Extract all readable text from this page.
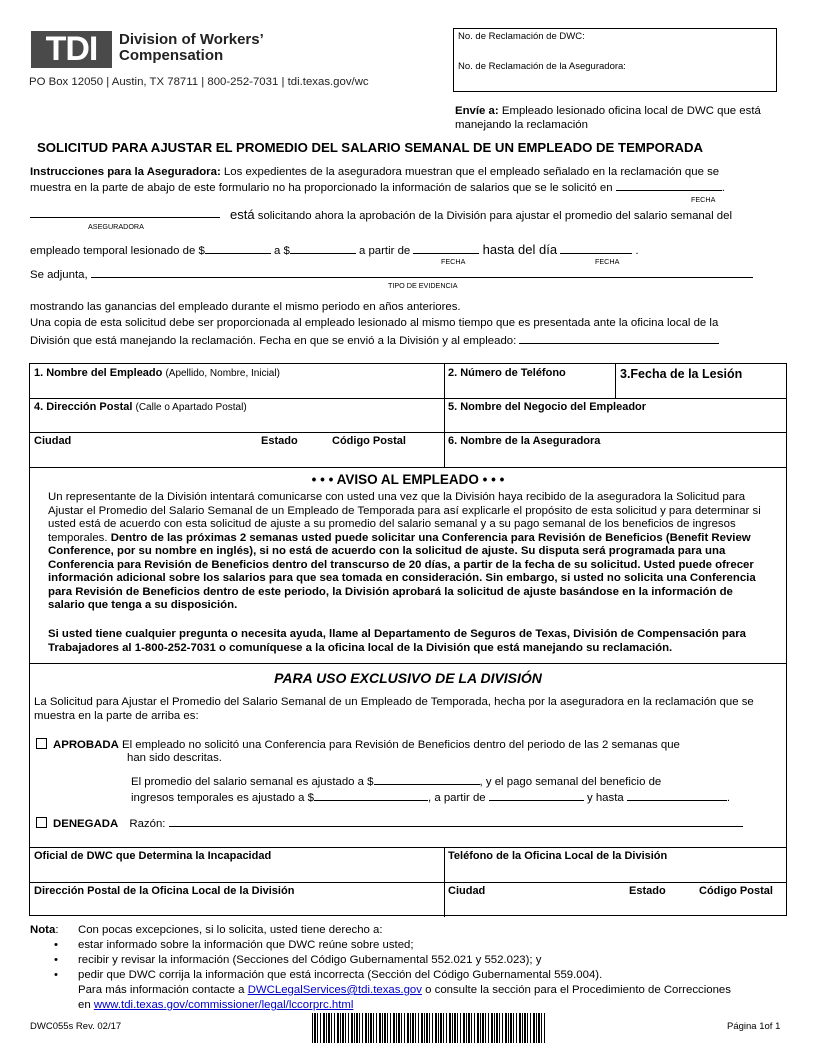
TDI	Division of Workers’
Compensation
PO Box 12050 | Austin, TX 78711 | 800-252-7031 | tdi.texas.gov/wc
No. de Reclamación de DWC:
No. de Reclamación de la Aseguradora:
Envíe a: Empleado lesionado oficina local de DWC que está manejando la reclamación
SOLICITUD PARA AJUSTAR EL PROMEDIO DEL SALARIO SEMANAL DE UN EMPLEADO DE TEMPORADA
Instrucciones para la Aseguradora: Los expedientes de la aseguradora muestran que el empleado señalado en la reclamación que se
muestra en la parte de abajo de este formulario no ha proporcionado la información de salarios que se le solicitó en	.
FECHA
está solicitando ahora la aprobación de la División para ajustar el promedio del salario semanal del
ASEGURADORA
empleado temporal lesionado de $	a $	a partir de	hasta del día	.
FECHA	FECHA
Se adjunta,
TIPO DE EVIDENCIA
mostrando las ganancias del empleado durante el mismo periodo en años anteriores.
Una copia de esta solicitud debe ser proporcionada al empleado lesionado al mismo tiempo que es presentada ante la oficina local de la
División que está manejando la reclamación. Fecha en que se envió a la División y al empleado:
1. Nombre del Empleado (Apellido, Nombre, Inicial)	2. Número de Teléfono	3.Fecha de la Lesión
4. Dirección Postal (Calle o Apartado Postal)	5. Nombre del Negocio del Empleador
Ciudad	Estado	Código Postal	6. Nombre de la Aseguradora
• • • AVISO AL EMPLEADO • • •
Un representante de la División intentará comunicarse con usted una vez que la División haya recibido de la aseguradora la Solicitud para Ajustar el Promedio del Salario Semanal de un Empleado de Temporada para así explicarle el propósito de esta solicitud y para determinar si usted está de acuerdo con esta solicitud de ajuste a su promedio del salario semanal y a su pago semanal de los beneficios de ingresos temporales. Dentro de las próximas 2 semanas usted puede solicitar una Conferencia para Revisión de Beneficios (Benefit Review Conference, por su nombre en inglés), si no está de acuerdo con la solicitud de ajuste. Su disputa será programada para una Conferencia para Revisión de Beneficios dentro del transcurso de 20 días, a partir de la fecha de su solicitud. Usted puede ofrecer información adicional sobre los salarios para que sea tomada en consideración. Sin embargo, si usted no solicita una Conferencia para Revisión de Beneficios dentro de este periodo, la División aprobará la solicitud de ajuste basándose en la información de salario que tenga a su disposición.
Si usted tiene cualquier pregunta o necesita ayuda, llame al Departamento de Seguros de Texas, División de Compensación para Trabajadores al 1-800-252-7031 o comuníquese a la oficina local de la División que está manejando su reclamación.
PARA USO EXCLUSIVO DE LA DIVISIÓN
La Solicitud para Ajustar el Promedio del Salario Semanal de un Empleado de Temporada, hecha por la aseguradora en la reclamación que se muestra en la parte de arriba es:
APROBADA El empleado no solicitó una Conferencia para Revisión de Beneficios dentro del periodo de las 2 semanas que
han sido descritas.
El promedio del salario semanal es ajustado a $	, y el pago semanal del beneficio de
ingresos temporales es ajustado a $	, a partir de	y hasta	.
DENEGADA Razón:
Oficial de DWC que Determina la Incapacidad	Teléfono de la Oficina Local de la División
Dirección Postal de la Oficina Local de la División	Ciudad	Estado	Código Postal
Nota: Con pocas excepciones, si lo solicita, usted tiene derecho a:
• estar informado sobre la información que DWC reúne sobre usted;
• recibir y revisar la información (Secciones del Código Gubernamental 552.021 y 552.023); y
• pedir que DWC corrija la información que está incorrecta (Sección del Código Gubernamental 559.004).
Para más información contacte a DWCLegalServices@tdi.texas.gov o consulte la sección para el Procedimiento de Correcciones
en www.tdi.texas.gov/commissioner/legal/lccorprc.html
DWC055s Rev. 02/17	Página 1of 1
